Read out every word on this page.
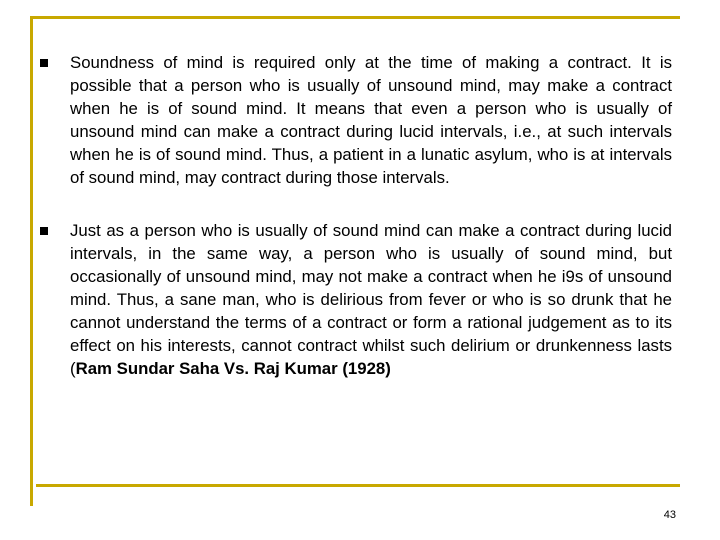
Soundness of mind is required only at the time of making a contract. It is possible that a person who is usually of unsound mind, may make a contract when he is of sound mind. It means that even a person who is usually of unsound mind can make a contract during lucid intervals, i.e., at such intervals when he is of sound mind. Thus, a patient in a lunatic asylum, who is at intervals of sound mind, may contract during those intervals.
Just as a person who is usually of sound mind can make a contract during lucid intervals, in the same way, a person who is usually of sound mind, but occasionally of unsound mind, may not make a contract when he i9s of unsound mind. Thus, a sane man, who is delirious from fever or who is so drunk that he cannot understand the terms of a contract or form a rational judgement as to its effect on his interests, cannot contract whilst such delirium or drunkenness lasts (Ram Sundar Saha Vs. Raj Kumar (1928)
43
